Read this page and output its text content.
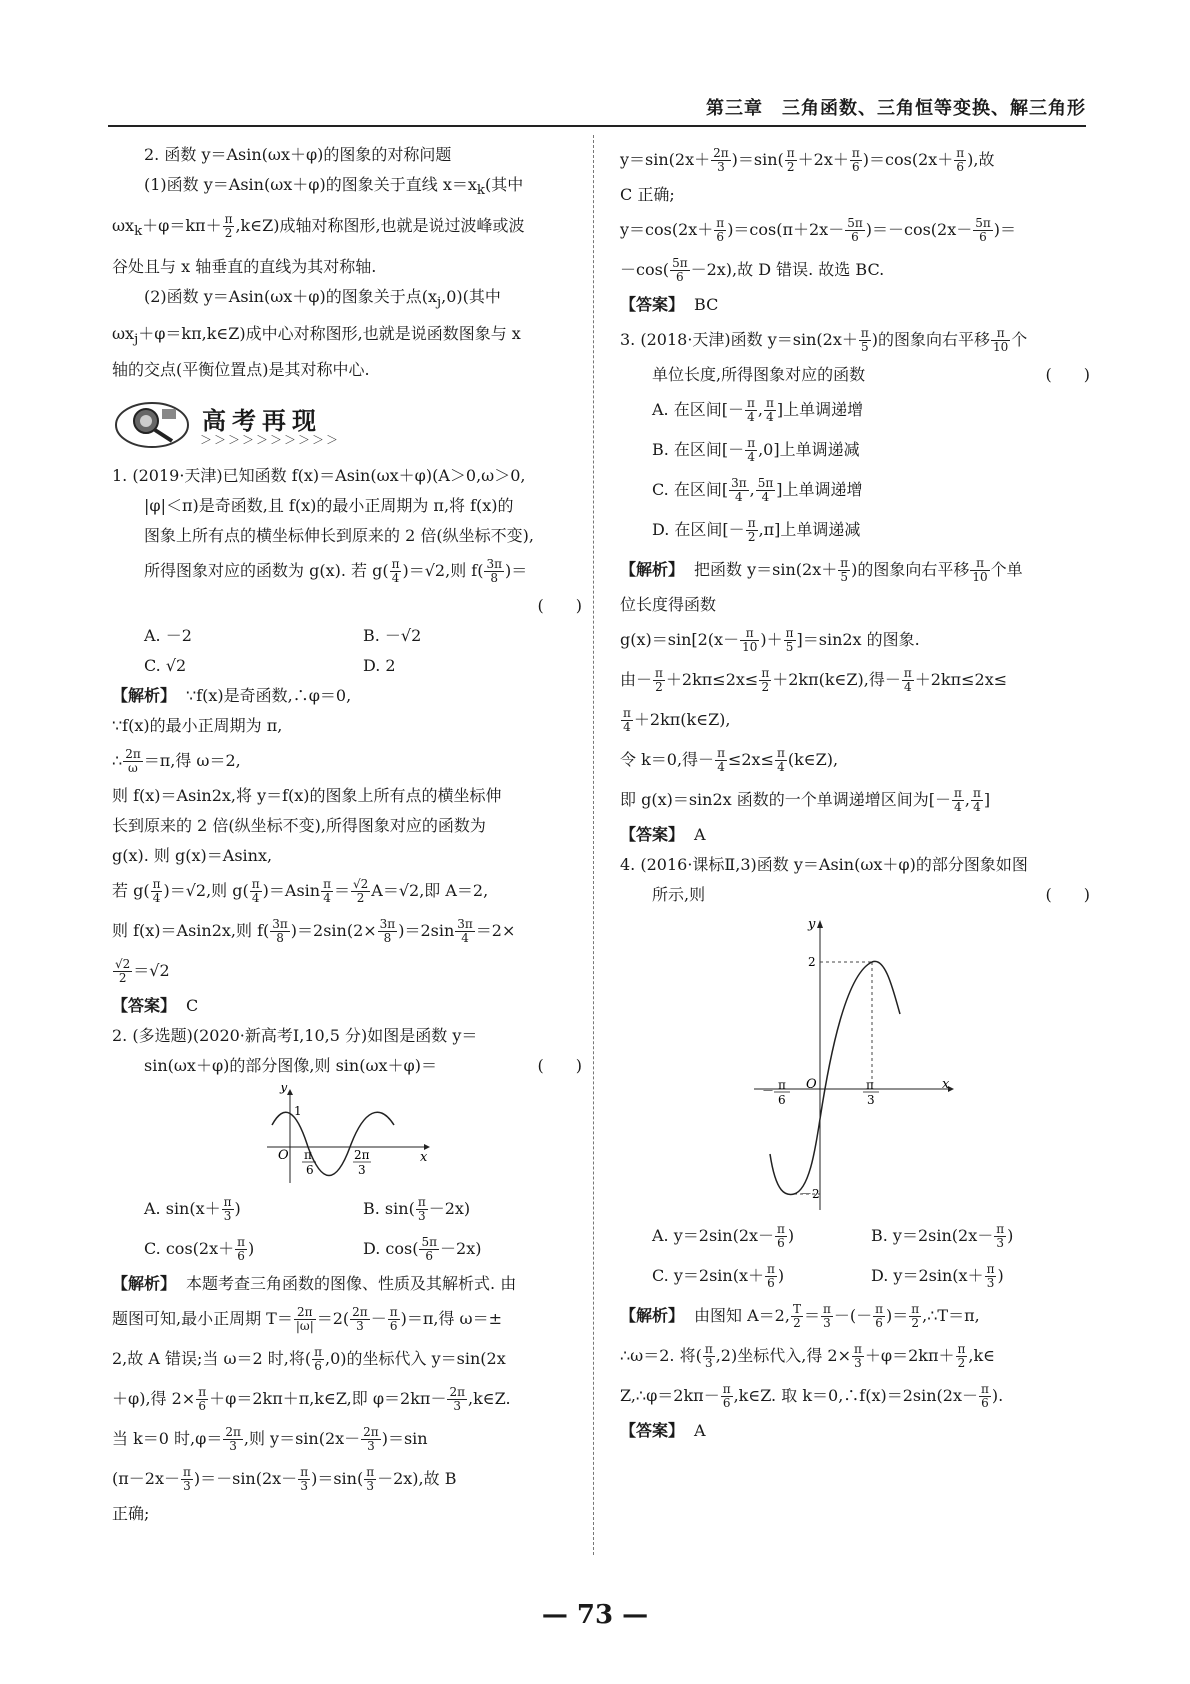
第三章　三角函数、三角恒等变换、解三角形
2. 函数 y＝Asin(ωx＋φ)的图象的对称问题
(1)函数 y＝Asin(ωx＋φ)的图象关于直线 $x=x_k$(其中
$\omega x_k+\varphi=k\pi+ \frac{\pi}{2}$ ,k∈Z)成轴对称图形,也就是说过波峰或波
谷处且与 x 轴垂直的直线为其对称轴.
(2)函数 y＝Asin(ωx＋φ)的图象关于点$(x_j,0)$(其中
$\omega x_j+\varphi=k\pi,k\in Z$)成中心对称图形,也就是说函数图象与 x
轴的交点(平衡位置点)是其对称中心.
高考再现
＞＞＞＞＞＞＞＞＞＞
1. (2019·天津)已知函数 f(x)＝Asin(ωx＋φ)(A＞0,ω＞0,
|φ|＜π)是奇函数,且 f(x)的最小正周期为 π,将 f(x)的
图象上所有点的横坐标伸长到原来的 2 倍(纵坐标不变),
所得图象对应的函数为 g(x). 若 $g( \frac{\pi}{4} )=√2$,则 $f( \frac{3\pi}{8}$ )＝
(　　)
A. －2	B. －√2
C. √2	D. 2
【解析】 ∵f(x)是奇函数,∴φ＝0,
∵f(x)的最小正周期为 π,
∴ $\frac{2\pi}{\omega} =\pi$,得 ω＝2,
则 f(x)＝Asin2x,将 y＝f(x)的图象上所有点的横坐标伸
长到原来的 2 倍(纵坐标不变),所得图象对应的函数为
g(x). 则 g(x)＝Asinx,
若 $g( \frac{\pi}{4} )=√2$,则 $g( \frac{\pi}{4} )=Asin \frac{\pi}{4} = \frac{√2}{2} A=√2$,即 A＝2,
则 f(x)＝Asin2x,则 $f( \frac{3\pi}{8} )=2\sin(2\times \frac{3\pi}{8} )=2\sin \frac{3\pi}{4} =2\times$
$\frac{√2}{2} =√2$
【答案】 C
2. (多选题)(2020·新高考Ⅰ,10,5 分)如图是函数 y＝
sin(ωx＋φ)的部分图像,则 sin(ωx＋φ)＝	(　　)
y
x
O
1
π
6
2π
3
A. $\sin(x+ \frac{\pi}{3}$ )	B. $\sin( \frac{\pi}{3} -2x)$
C. $\cos(2x+ \frac{\pi}{6}$ )	D. $\cos( \frac{5\pi}{6} -2x)$
【解析】 本题考查三角函数的图像、性质及其解析式. 由
题图可知,最小正周期 $T= \frac{2\pi}{|\omega|} =2( \frac{2\pi}{3} - \frac{\pi}{6} )=\pi$,得 ω＝±
2,故 A 错误;当 ω＝2 时,将( $\frac{\pi}{6} ,0$)的坐标代入 y＝sin(2x
＋φ),得 $2\times \frac{\pi}{6}$ ＋φ＝2kπ＋π,k∈Z,即 $\varphi=2k\pi- \frac{2\pi}{3}$ ,k∈Z.
当 k＝0 时$,\varphi= \frac{2\pi}{3}$ ,则 $y=\sin(2x- \frac{2\pi}{3} )=\sin$
$(\pi-2x- \frac{\pi}{3} )=-\sin(2x- \frac{\pi}{3} )=\sin( \frac{\pi}{3} -2x)$,故 B
正确;
$y=\sin(2x+ \frac{2\pi}{3} )=\sin( \frac{\pi}{2} +2x+ \frac{\pi}{6} )=\cos(2x+ \frac{\pi}{6}$ ),故
C 正确;
$y=\cos(2x+ \frac{\pi}{6} )=\cos(\pi+2x- \frac{5\pi}{6} )=-\cos(2x- \frac{5\pi}{6}$ )＝
$-\cos( \frac{5\pi}{6} -2x)$,故 D 错误. 故选 BC.
【答案】 BC
3. (2018·天津)函数 $y=\sin(2x+ \frac{\pi}{5}$ )的图象向右平移 $\frac{\pi}{10}$ 个
单位长度,所得图象对应的函数	(　　)
A. 在区间[－ $\frac{\pi}{4}$ , $\frac{\pi}{4}$ ]上单调递增
B. 在区间[－ $\frac{\pi}{4} ,0$]上单调递减
C. 在区间[ $\frac{3\pi}{4}$ , $\frac{5\pi}{4}$ ]上单调递增
D. 在区间[－ $\frac{\pi}{2} ,\pi$]上单调递减
【解析】 把函数 $y=\sin(2x+ \frac{\pi}{5}$ )的图象向右平移 $\frac{\pi}{10}$ 个单
位长度得函数
$g(x)=\sin[2(x- \frac{\pi}{10}$ )＋ $\frac{\pi}{5} ]=\sin 2x$ 的图象.
由－ $\frac{\pi}{2} +2k\pi\le 2x\le \frac{\pi}{2}$ ＋2kπ(k∈Z),得－ $\frac{\pi}{4} +2k\pi\le 2x\le$
$\frac{\pi}{4}$ ＋2kπ(k∈Z),
令 k＝0,得－ $\frac{\pi}{4} \le 2x\le \frac{\pi}{4}$ (k∈Z),
即 g(x)＝sin2x 函数的一个单调递增区间为[－ $\frac{\pi}{4}$ , $\frac{\pi}{4}$ ]
【答案】 A
4. (2016·课标Ⅱ,3)函数 y＝Asin(ωx＋φ)的部分图象如图
所示,则	(　　)
y
x
O
2
－2
－ π
6
π
3
A. $y=2\sin(2x- \frac{\pi}{6}$ )	B. $y=2\sin(2x- \frac{\pi}{3}$ )
C. $y=2\sin(x+ \frac{\pi}{6}$ )	D. $y=2\sin(x+ \frac{\pi}{3}$ )
【解析】 由图知 A＝2, $\frac{T}{2} = \frac{\pi}{3}$ －(－ $\frac{\pi}{6}$ )＝ $\frac{\pi}{2}$ ,∴T＝π,
∴ω＝2. 将( $\frac{\pi}{3} ,2$)坐标代入,得 $2\times \frac{\pi}{3} +\varphi=2k\pi+ \frac{\pi}{2}$ ,k∈
Z,∴φ＝2kπ－ $\frac{\pi}{6}$ ,k∈Z. 取 k＝0,∴f(x)＝2sin(2x－ $\frac{\pi}{6}$ ).
【答案】 A
— 73 —
